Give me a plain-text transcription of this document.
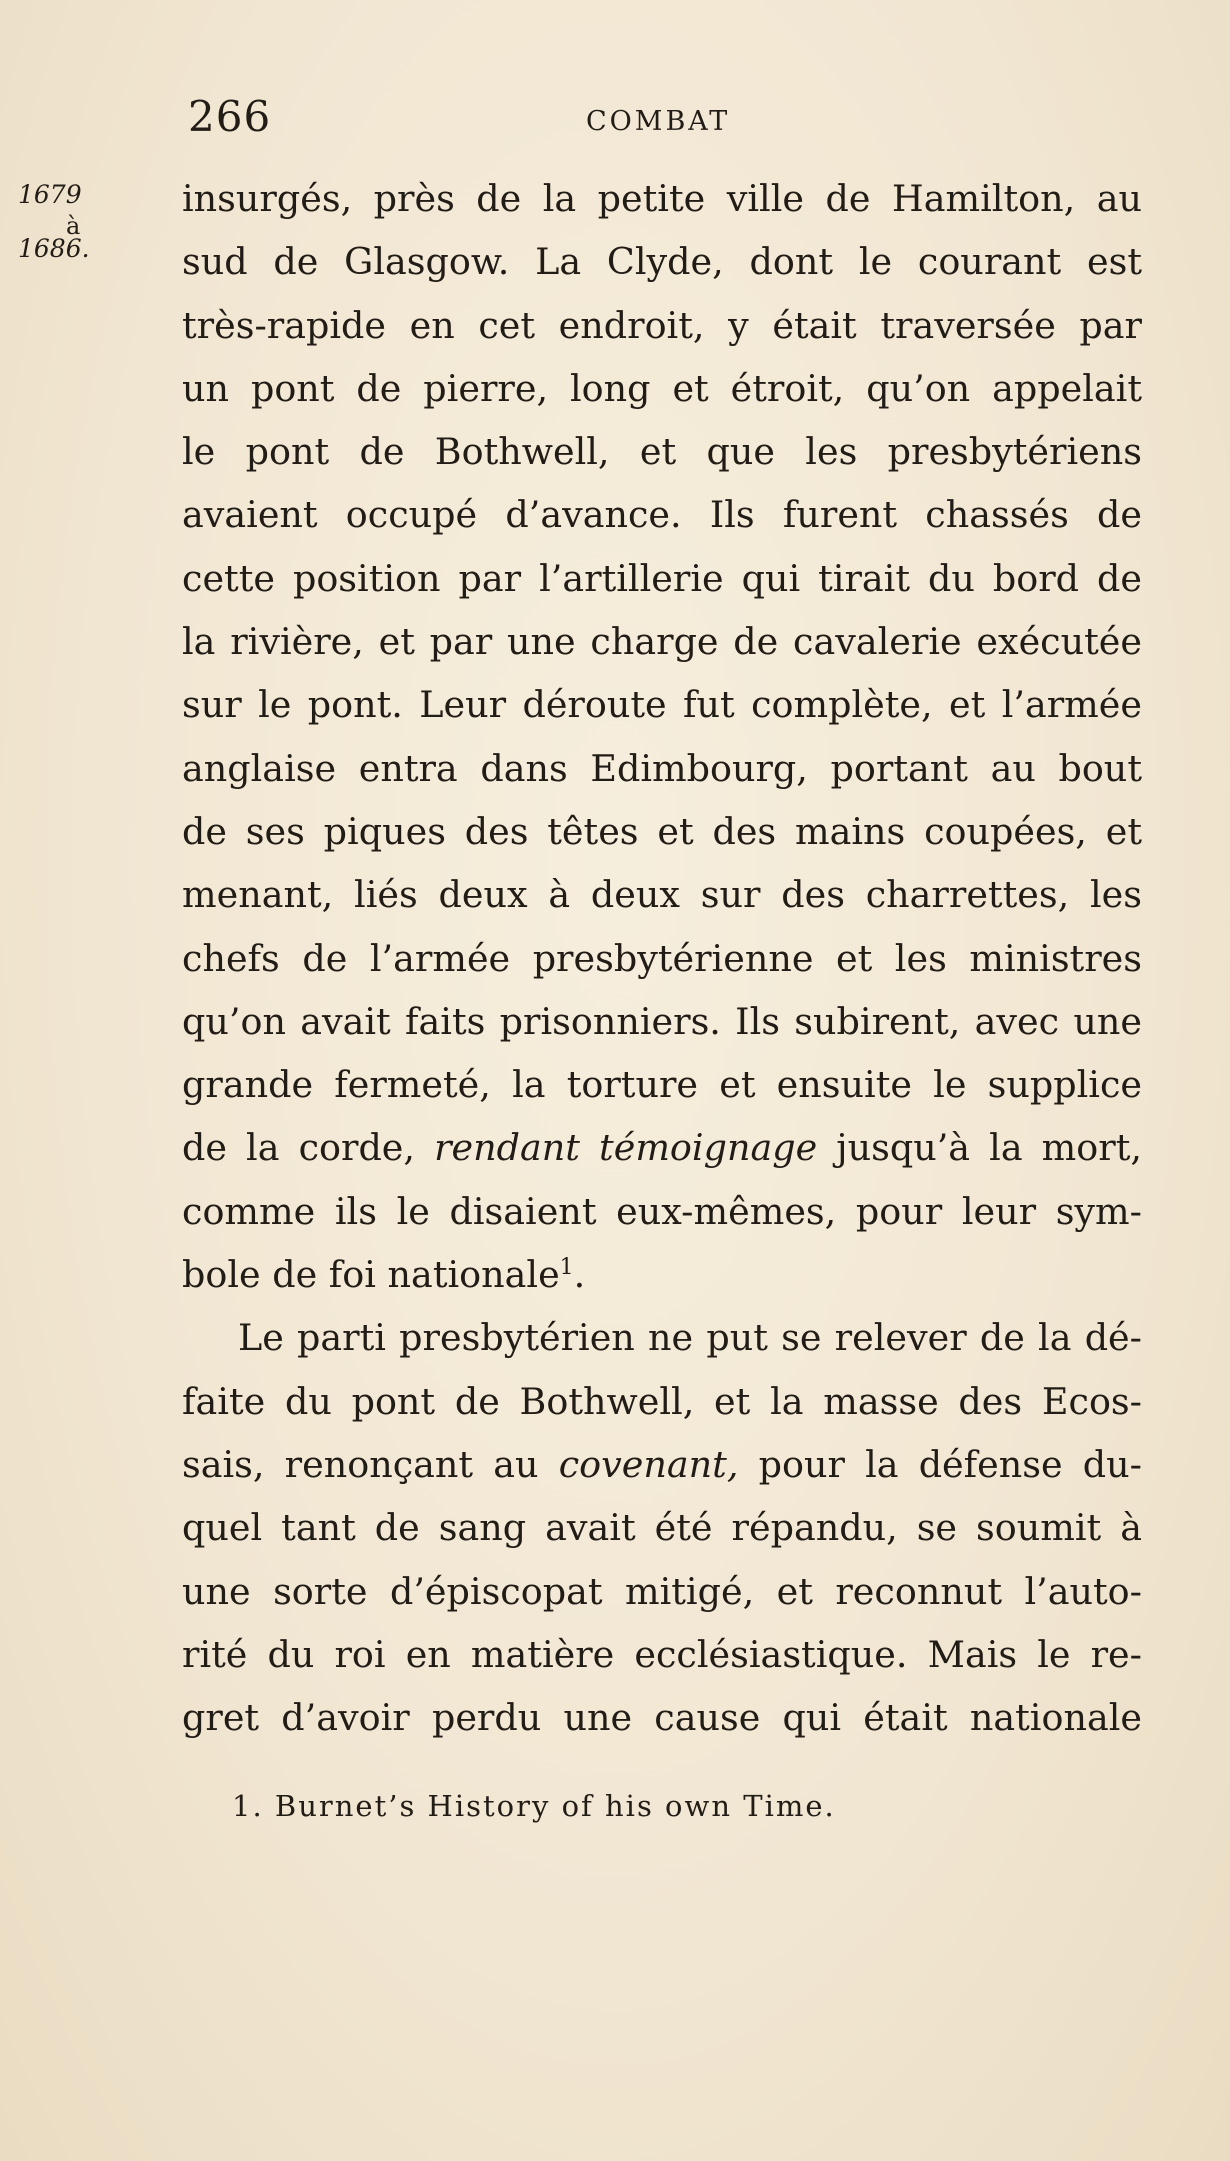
266	COMBAT
1679
à
1686.
insurgés, près de la petite ville de Hamilton, au
sud de Glasgow. La Clyde, dont le courant est
très-rapide en cet endroit, y était traversée par
un pont de pierre, long et étroit, qu’on appelait
le pont de Bothwell, et que les presbytériens
avaient occupé d’avance. Ils furent chassés de
cette position par l’artillerie qui tirait du bord de
la rivière, et par une charge de cavalerie exécutée
sur le pont. Leur déroute fut complète, et l’armée
anglaise entra dans Edimbourg, portant au bout
de ses piques des têtes et des mains coupées, et
menant, liés deux à deux sur des charrettes, les
chefs de l’armée presbytérienne et les ministres
qu’on avait faits prisonniers. Ils subirent, avec une
grande fermeté, la torture et ensuite le supplice
de la corde, rendant témoignage jusqu’à la mort,
comme ils le disaient eux-mêmes, pour leur sym-
bole de foi nationale$^1$.
Le parti presbytérien ne put se relever de la dé-
faite du pont de Bothwell, et la masse des Ecos-
sais, renonçant au covenant, pour la défense du-
quel tant de sang avait été répandu, se soumit à
une sorte d’épiscopat mitigé, et reconnut l’auto-
rité du roi en matière ecclésiastique. Mais le re-
gret d’avoir perdu une cause qui était nationale
1. Burnet’s History of his own Time.
